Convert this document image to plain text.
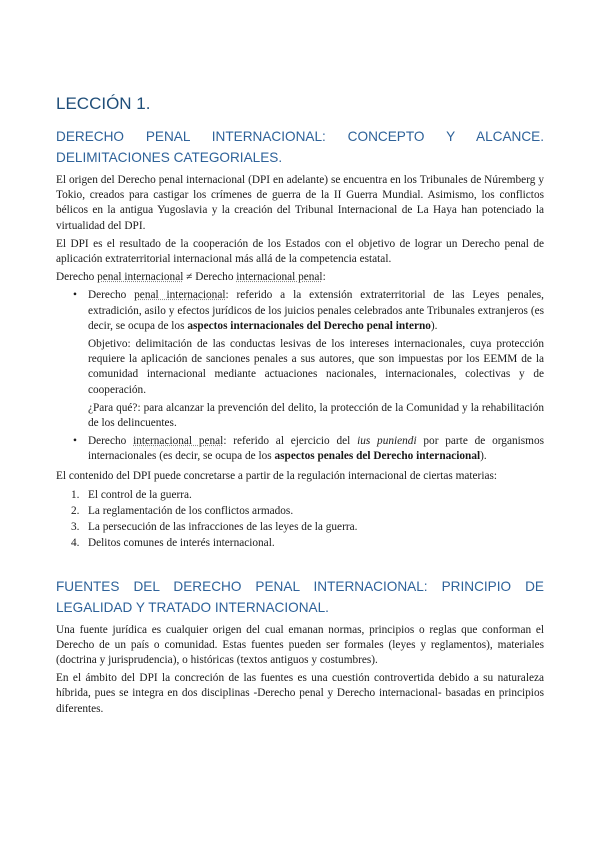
LECCIÓN 1.
DERECHO PENAL INTERNACIONAL: CONCEPTO Y ALCANCE.
DELIMITACIONES CATEGORIALES.

El origen del Derecho penal internacional (DPI en adelante) se encuentra en los Tribunales de Núremberg y Tokio, creados para castigar los crímenes de guerra de la II Guerra Mundial. Asimismo, los conflictos bélicos en la antigua Yugoslavia y la creación del Tribunal Internacional de La Haya han potenciado la virtualidad del DPI.

El DPI es el resultado de la cooperación de los Estados con el objetivo de lograr un Derecho penal de aplicación extraterritorial internacional más allá de la competencia estatal.

Derecho penal internacional ≠ Derecho internacional penal:

• Derecho penal internacional: referido a la extensión extraterritorial de las Leyes penales, extradición, asilo y efectos jurídicos de los juicios penales celebrados ante Tribunales extranjeros (es decir, se ocupa de los aspectos internacionales del Derecho penal interno).

Objetivo: delimitación de las conductas lesivas de los intereses internacionales, cuya protección requiere la aplicación de sanciones penales a sus autores, que son impuestas por los EEMM de la comunidad internacional mediante actuaciones nacionales, internacionales, colectivas y de cooperación.

¿Para qué?: para alcanzar la prevención del delito, la protección de la Comunidad y la rehabilitación de los delincuentes.

• Derecho internacional penal: referido al ejercicio del ius puniendi por parte de organismos internacionales (es decir, se ocupa de los aspectos penales del Derecho internacional).

El contenido del DPI puede concretarse a partir de la regulación internacional de ciertas materias:

1. El control de la guerra.
2. La reglamentación de los conflictos armados.
3. La persecución de las infracciones de las leyes de la guerra.
4. Delitos comunes de interés internacional.
FUENTES DEL DERECHO PENAL INTERNACIONAL: PRINCIPIO DE
LEGALIDAD Y TRATADO INTERNACIONAL.

Una fuente jurídica es cualquier origen del cual emanan normas, principios o reglas que conforman el Derecho de un país o comunidad. Estas fuentes pueden ser formales (leyes y reglamentos), materiales (doctrina y jurisprudencia), o históricas (textos antiguos y costumbres).

En el ámbito del DPI la concreción de las fuentes es una cuestión controvertida debido a su naturaleza híbrida, pues se integra en dos disciplinas -Derecho penal y Derecho internacional- basadas en principios diferentes.
